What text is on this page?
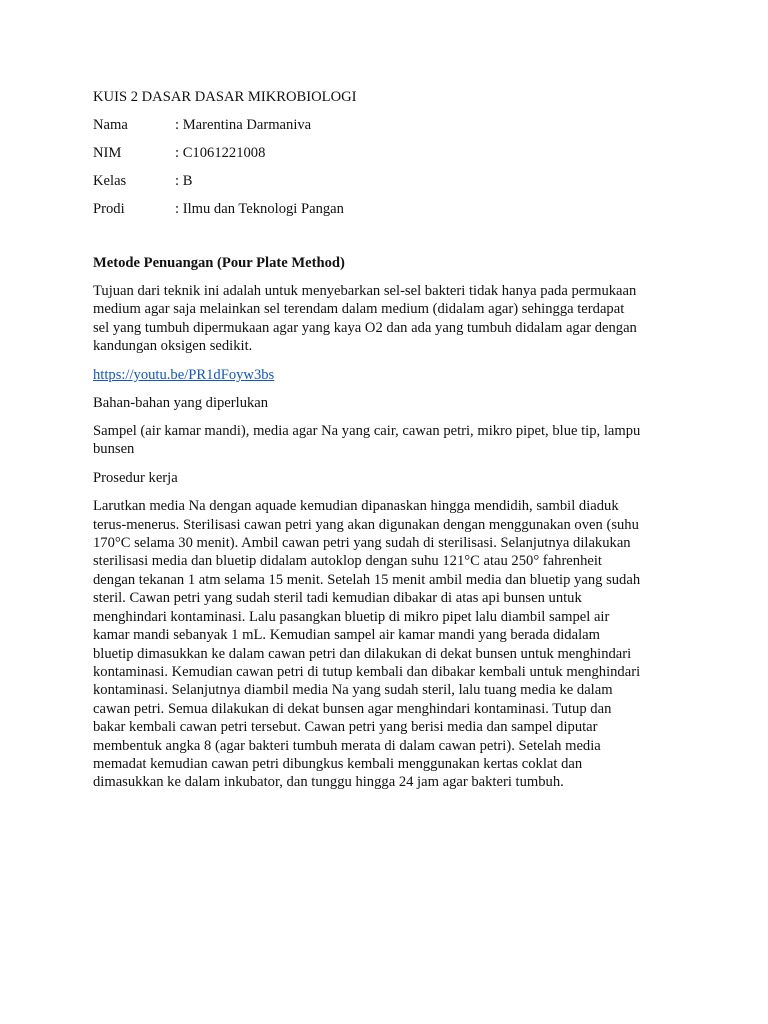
KUIS 2 DASAR DASAR MIKROBIOLOGI
Nama	: Marentina Darmaniva
NIM	: C1061221008
Kelas	: B
Prodi	: Ilmu dan Teknologi Pangan
Metode Penuangan (Pour Plate Method)
Tujuan dari teknik ini adalah untuk menyebarkan sel-sel bakteri tidak hanya pada permukaan
medium agar saja melainkan sel terendam dalam medium (didalam agar) sehingga terdapat
sel yang tumbuh dipermukaan agar yang kaya O2 dan ada yang tumbuh didalam agar dengan
kandungan oksigen sedikit.
https://youtu.be/PR1dFoyw3bs
Bahan-bahan yang diperlukan
Sampel (air kamar mandi), media agar Na yang cair, cawan petri, mikro pipet, blue tip, lampu
bunsen
Prosedur kerja
Larutkan media Na dengan aquade kemudian dipanaskan hingga mendidih, sambil diaduk
terus-menerus. Sterilisasi cawan petri yang akan digunakan dengan menggunakan oven (suhu
170°C selama 30 menit). Ambil cawan petri yang sudah di sterilisasi. Selanjutnya dilakukan
sterilisasi media dan bluetip didalam autoklop dengan suhu 121°C atau 250° fahrenheit
dengan tekanan 1 atm selama 15 menit. Setelah 15 menit ambil media dan bluetip yang sudah
steril. Cawan petri yang sudah steril tadi kemudian dibakar di atas api bunsen untuk
menghindari kontaminasi. Lalu pasangkan bluetip di mikro pipet lalu diambil sampel air
kamar mandi sebanyak 1 mL. Kemudian sampel air kamar mandi yang berada didalam
bluetip dimasukkan ke dalam cawan petri dan dilakukan di dekat bunsen untuk menghindari
kontaminasi. Kemudian cawan petri di tutup kembali dan dibakar kembali untuk menghindari
kontaminasi. Selanjutnya diambil media Na yang sudah steril, lalu tuang media ke dalam
cawan petri. Semua dilakukan di dekat bunsen agar menghindari kontaminasi. Tutup dan
bakar kembali cawan petri tersebut. Cawan petri yang berisi media dan sampel diputar
membentuk angka 8 (agar bakteri tumbuh merata di dalam cawan petri). Setelah media
memadat kemudian cawan petri dibungkus kembali menggunakan kertas coklat dan
dimasukkan ke dalam inkubator, dan tunggu hingga 24 jam agar bakteri tumbuh.
